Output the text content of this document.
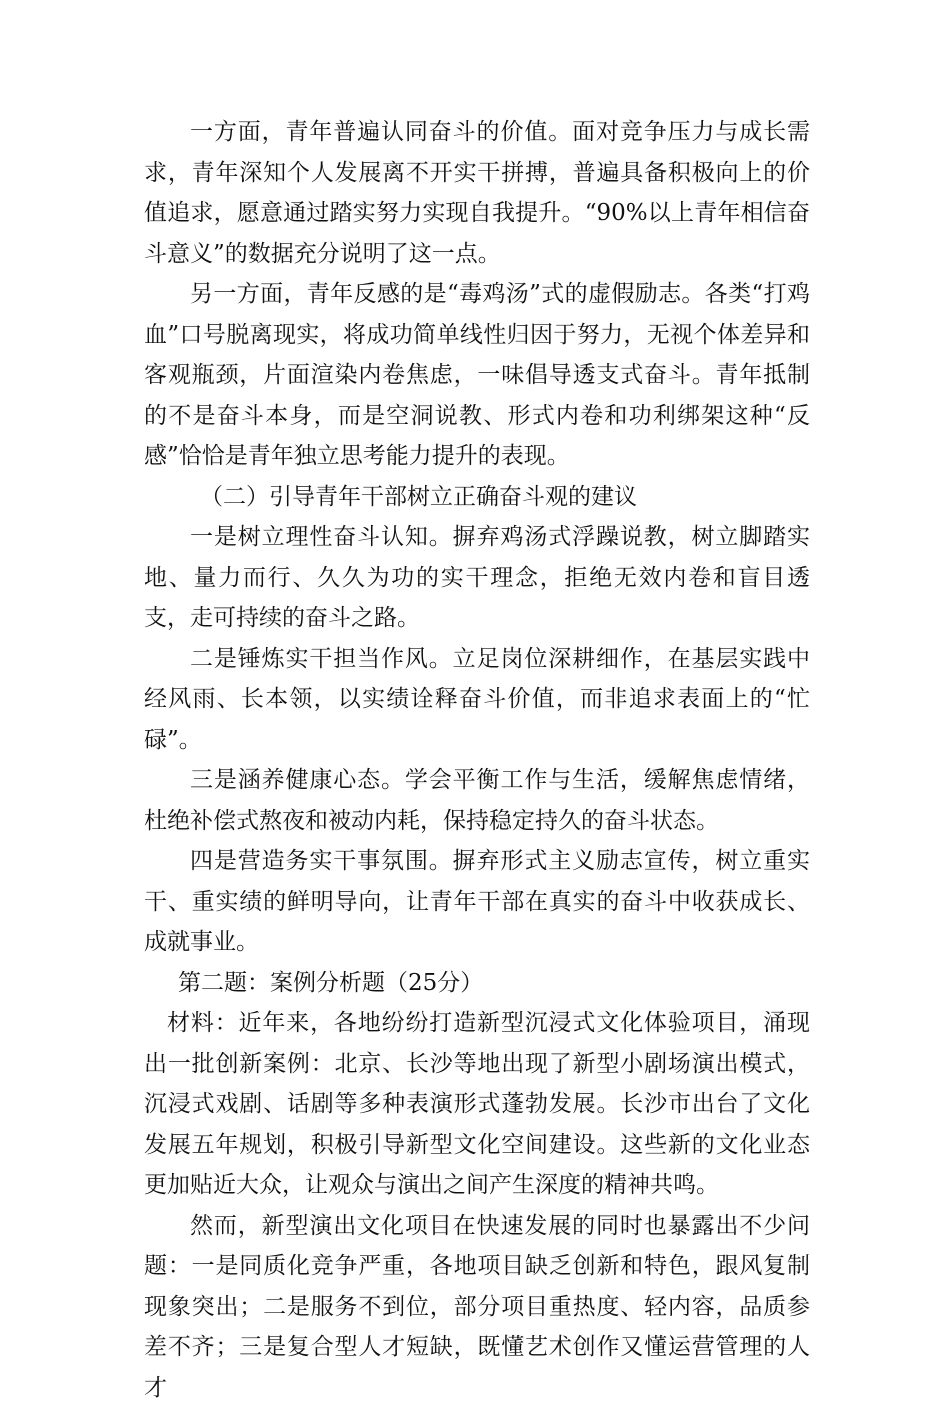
一方面，青年普遍认同奋斗的价值。面对竞争压力与成长需求，青年深知个人发展离不开实干拼搏，普遍具备积极向上的价值追求，愿意通过踏实努力实现自我提升。“90%以上青年相信奋斗意义”的数据充分说明了这一点。

另一方面，青年反感的是“毒鸡汤”式的虚假励志。各类“打鸡血”口号脱离现实，将成功简单线性归因于努力，无视个体差异和客观瓶颈，片面渲染内卷焦虑，一味倡导透支式奋斗。青年抵制的不是奋斗本身，而是空洞说教、形式内卷和功利绑架这种“反感”恰恰是青年独立思考能力提升的表现。

（二）引导青年干部树立正确奋斗观的建议

一是树立理性奋斗认知。摒弃鸡汤式浮躁说教，树立脚踏实地、量力而行、久久为功的实干理念，拒绝无效内卷和盲目透支，走可持续的奋斗之路。

二是锤炼实干担当作风。立足岗位深耕细作，在基层实践中经风雨、长本领，以实绩诠释奋斗价值，而非追求表面上的“忙碌”。

三是涵养健康心态。学会平衡工作与生活，缓解焦虑情绪，杜绝补偿式熬夜和被动内耗，保持稳定持久的奋斗状态。

四是营造务实干事氛围。摒弃形式主义励志宣传，树立重实干、重实绩的鲜明导向，让青年干部在真实的奋斗中收获成长、成就事业。

第二题：案例分析题（25分）

材料：近年来，各地纷纷打造新型沉浸式文化体验项目，涌现出一批创新案例：北京、长沙等地出现了新型小剧场演出模式，沉浸式戏剧、话剧等多种表演形式蓬勃发展。长沙市出台了文化发展五年规划，积极引导新型文化空间建设。这些新的文化业态更加贴近大众，让观众与演出之间产生深度的精神共鸣。

然而，新型演出文化项目在快速发展的同时也暴露出不少问题：一是同质化竞争严重，各地项目缺乏创新和特色，跟风复制现象突出；二是服务不到位，部分项目重热度、轻内容，品质参差不齐；三是复合型人才短缺，既懂艺术创作又懂运营管理的人才
